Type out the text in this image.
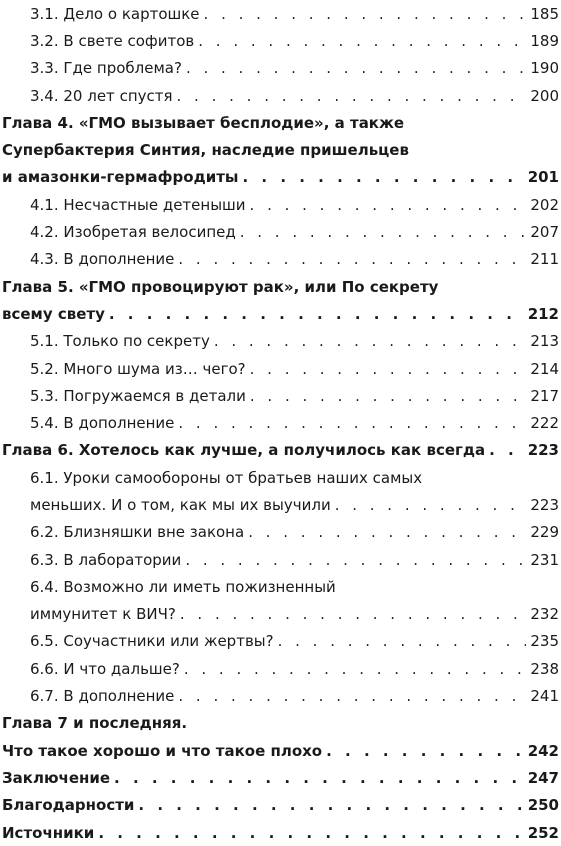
3.1. Дело о картошке . . .	185
3.2. В свете софитов . . .	189
3.3. Где проблема? . . .	190
3.4. 20 лет спустя . . .	200
Глава 4. «ГМО вызывает бесплодие», а также
Супербактерия Синтия, наследие пришельцев
и амазонки-гермафродиты . . .	201
4.1. Несчастные детеныши . . .	202
4.2. Изобретая велосипед . . .	207
4.3. В дополнение . . .	211
Глава 5. «ГМО провоцируют рак», или По секрету
всему свету . . .	212
5.1. Только по секрету . . .	213
5.2. Много шума из… чего? . . .	214
5.3. Погружаемся в детали . . .	217
5.4. В дополнение . . .	222
Глава 6. Хотелось как лучше, а получилось как всегда . . .	223
6.1. Уроки самообороны от братьев наших самых
меньших. И о том, как мы их выучили . . .	223
6.2. Близняшки вне закона . . .	229
6.3. В лаборатории . . .	231
6.4. Возможно ли иметь пожизненный
иммунитет к ВИЧ? . . .	232
6.5. Соучастники или жертвы? . . .	235
6.6. И что дальше? . . .	238
6.7. В дополнение . . .	241
Глава 7 и последняя.
Что такое хорошо и что такое плохо . . .	242
Заключение . . .	247
Благодарности . . .	250
Источники . . .	252
